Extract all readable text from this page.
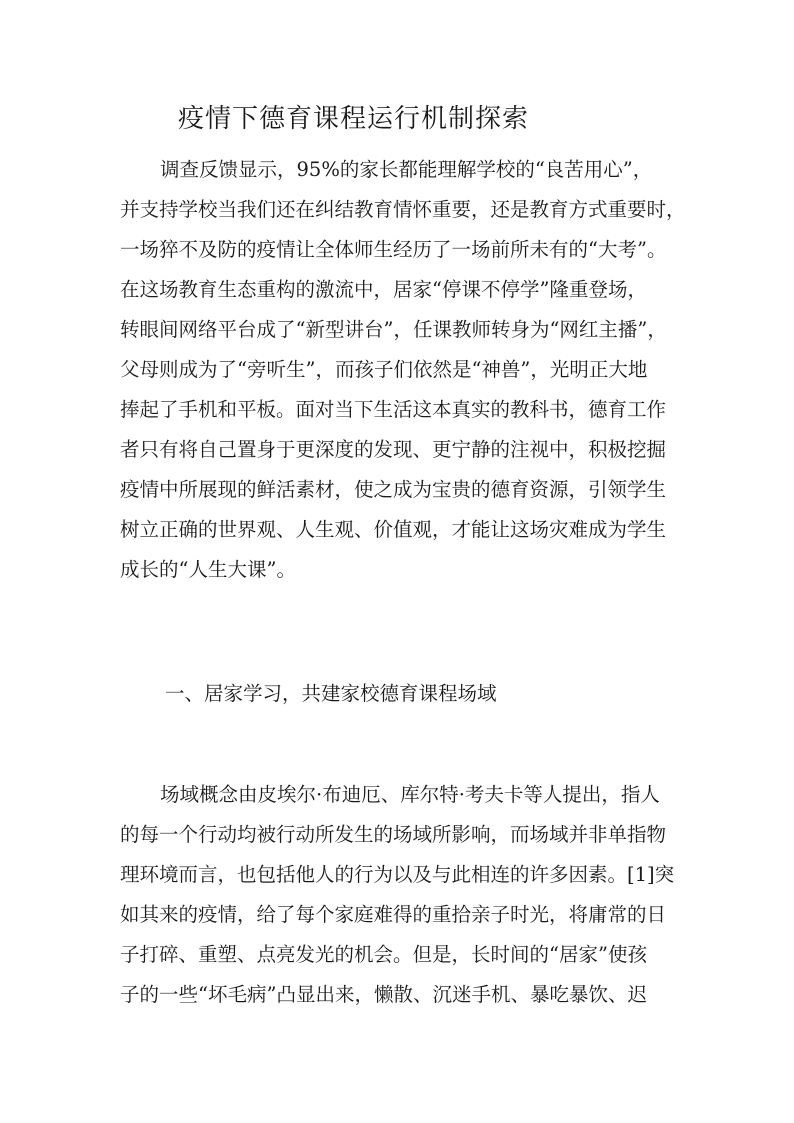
疫情下德育课程运行机制探索
调查反馈显示，95%的家长都能理解学校的“良苦用心”，
并支持学校当我们还在纠结教育情怀重要，还是教育方式重要时，
一场猝不及防的疫情让全体师生经历了一场前所未有的“大考”。
在这场教育生态重构的激流中，居家“停课不停学”隆重登场，
转眼间网络平台成了“新型讲台”，任课教师转身为“网红主播”，
父母则成为了“旁听生”，而孩子们依然是“神兽”，光明正大地
捧起了手机和平板。面对当下生活这本真实的教科书，德育工作
者只有将自己置身于更深度的发现、更宁静的注视中，积极挖掘
疫情中所展现的鲜活素材，使之成为宝贵的德育资源，引领学生
树立正确的世界观、人生观、价值观，才能让这场灾难成为学生
成长的“人生大课”。
一、居家学习，共建家校德育课程场域
场域概念由皮埃尔·布迪厄、库尔特·考夫卡等人提出，指人
的每一个行动均被行动所发生的场域所影响，而场域并非单指物
理环境而言，也包括他人的行为以及与此相连的许多因素。[1]突
如其来的疫情，给了每个家庭难得的重拾亲子时光，将庸常的日
子打碎、重塑、点亮发光的机会。但是，长时间的“居家”使孩
子的一些“坏毛病”凸显出来，懒散、沉迷手机、暴吃暴饮、迟
